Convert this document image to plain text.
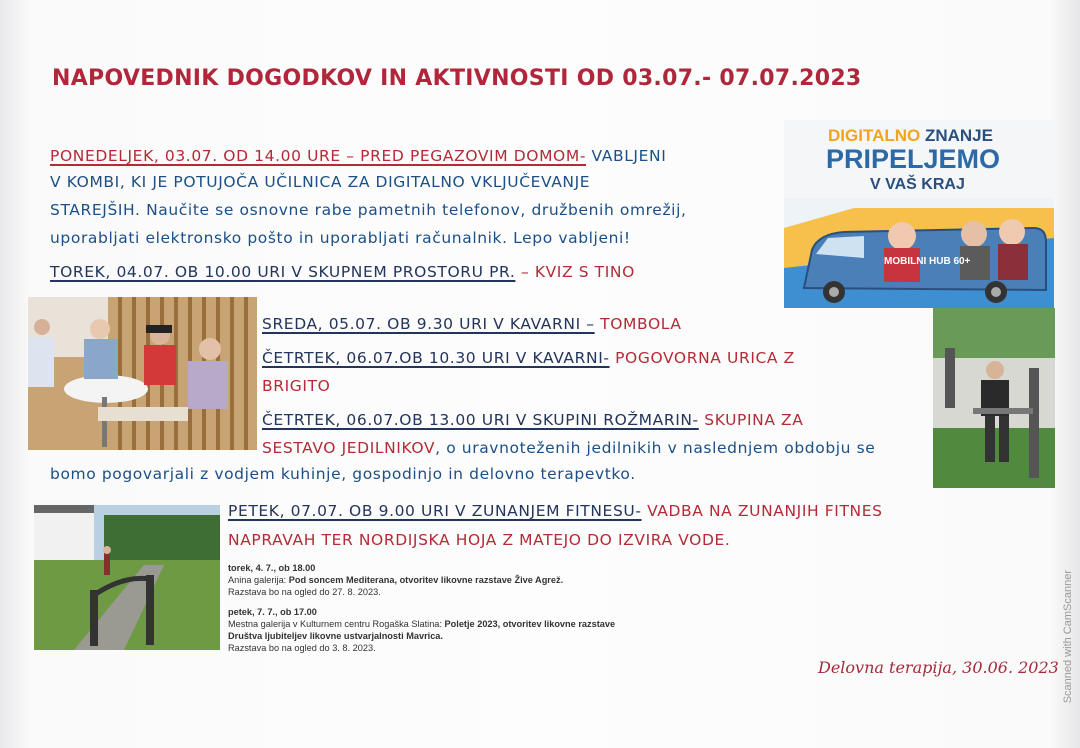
NAPOVEDNIK DOGODKOV IN AKTIVNOSTI OD 03.07.- 07.07.2023
PONEDELJEK, 03.07. OD 14.00 URE – PRED PEGAZOVIM DOMOM- VABLJENI
V KOMBI, KI JE POTUJOČA UČILNICA ZA DIGITALNO VKLJUČEVANJE
STAREJŠIH. Naučite se osnovne rabe pametnih telefonov, družbenih omrežij,
uporabljati elektronsko pošto in uporabljati računalnik. Lepo vabljeni!
TOREK, 04.07. OB 10.00 URI V SKUPNEM PROSTORU PR. – KVIZ S TINO
DIGITALNO ZNANJE
PRIPELJEMO
V VAŠ KRAJ
MOBILNI HUB 60+
SREDA, 05.07. OB 9.30 URI V KAVARNI – TOMBOLA
ČETRTEK, 06.07.OB 10.30 URI V KAVARNI- POGOVORNA URICA Z
BRIGITO
ČETRTEK, 06.07.OB 13.00 URI V SKUPINI ROŽMARIN- SKUPINA ZA
SESTAVO JEDILNIKOV, o uravnoteženih jedilnikih v naslednjem obdobju se
bomo pogovarjali z vodjem kuhinje, gospodinjo in delovno terapevtko.
PETEK, 07.07. OB 9.00 URI V ZUNANJEM FITNESU- VADBA NA ZUNANJIH FITNES
NAPRAVAH TER NORDIJSKA HOJA Z MATEJO DO IZVIRA VODE.
torek, 4. 7., ob 18.00
Anina galerija: Pod soncem Mediterana, otvoritev likovne razstave Žive Agrež.
Razstava bo na ogled do 27. 8. 2023.
petek, 7. 7., ob 17.00
Mestna galerija v Kulturnem centru Rogaška Slatina: Poletje 2023, otvoritev likovne razstave
Društva ljubiteljev likovne ustvarjalnosti Mavrica.
Razstava bo na ogled do 3. 8. 2023.
Delovna terapija, 30.06. 2023 Scanned with CamScanner
